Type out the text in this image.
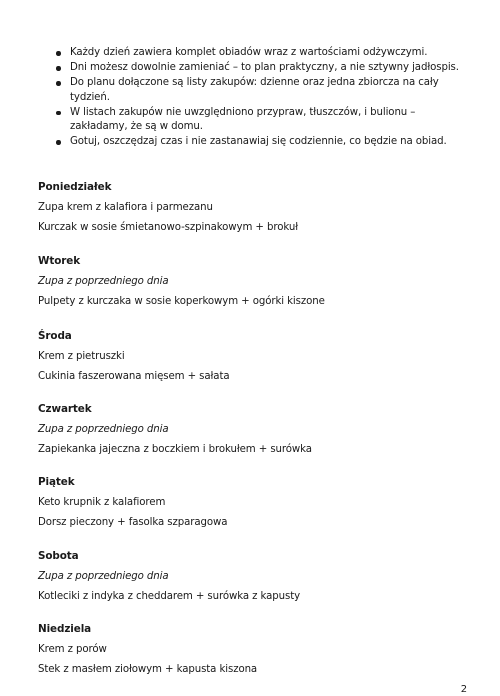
Każdy dzień zawiera komplet obiadów wraz z wartościami odżywczymi.
Dni możesz dowolnie zamieniać – to plan praktyczny, a nie sztywny jadłospis.
Do planu dołączone są listy zakupów: dzienne oraz jedna zbiorcza na cały tydzień.
W listach zakupów nie uwzględniono przypraw, tłuszczów, i bulionu – zakładamy, że są w domu.
Gotuj, oszczędzaj czas i nie zastanawiaj się codziennie, co będzie na obiad.
Poniedziałek

Zupa krem z kalafiora i parmezanu

Kurczak w sosie śmietanowo-szpinakowym + brokuł

Wtorek

Zupa z poprzedniego dnia

Pulpety z kurczaka w sosie koperkowym + ogórki kiszone

Środa

Krem z pietruszki

Cukinia faszerowana mięsem + sałata

Czwartek

Zupa z poprzedniego dnia

Zapiekanka jajeczna z boczkiem i brokułem + surówka

Piątek

Keto krupnik z kalafiorem

Dorsz pieczony + fasolka szparagowa

Sobota

Zupa z poprzedniego dnia

Kotleciki z indyka z cheddarem + surówka z kapusty

Niedziela

Krem z porów

Stek z masłem ziołowym + kapusta kiszona

2
